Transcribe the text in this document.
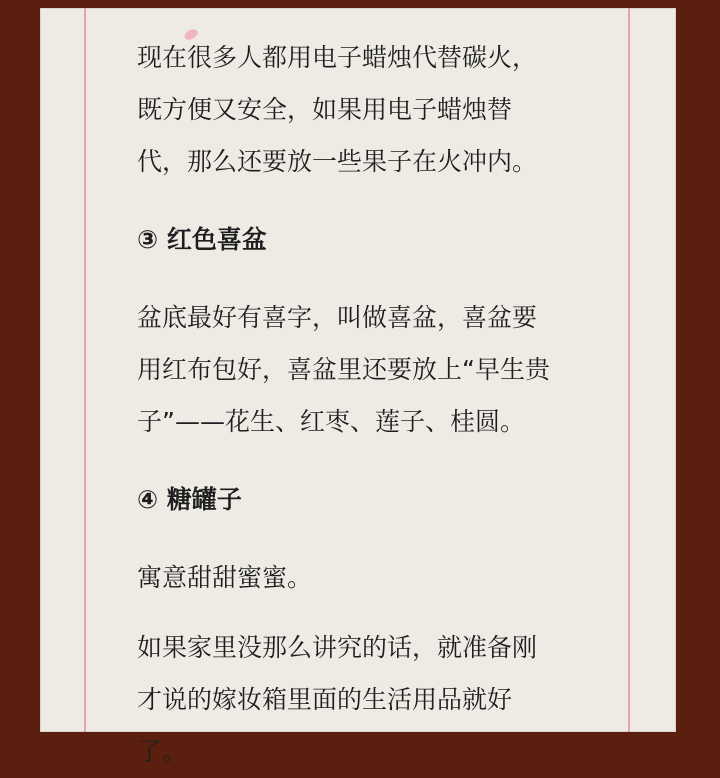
现在很多人都用电子蜡烛代替碳火，
既方便又安全，如果用电子蜡烛替
代，那么还要放一些果子在火冲内。
③ 红色喜盆
盆底最好有喜字，叫做喜盆，喜盆要
用红布包好，喜盆里还要放上“早生贵
子”——花生、红枣、莲子、桂圆。
④ 糖罐子
寓意甜甜蜜蜜。
如果家里没那么讲究的话，就准备刚
才说的嫁妆箱里面的生活用品就好
了。
